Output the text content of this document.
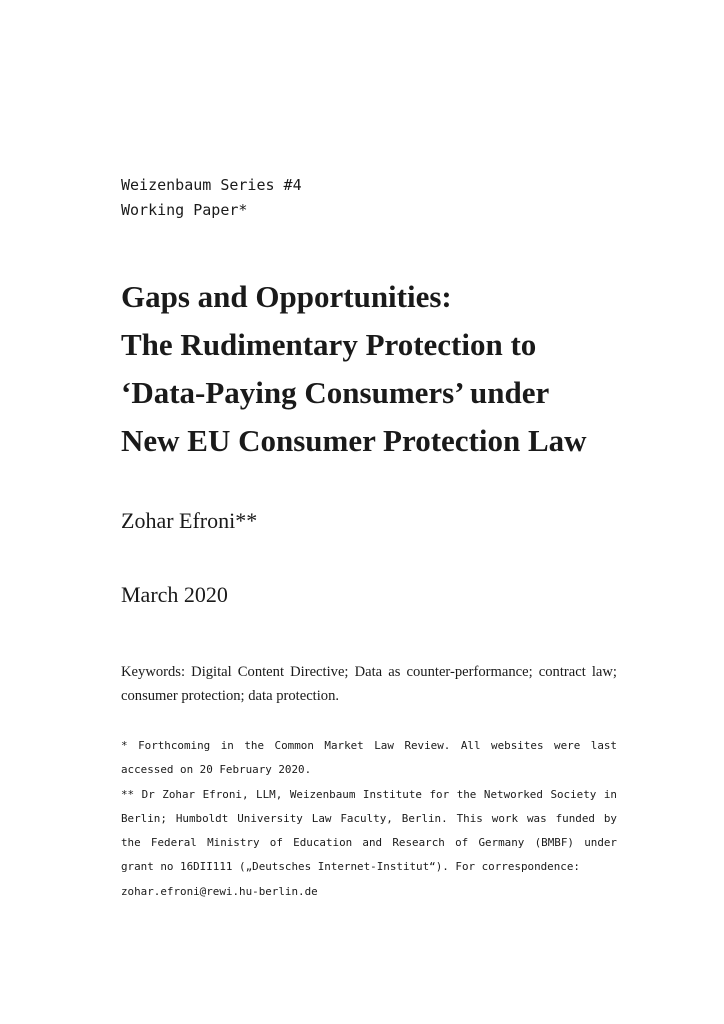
Weizenbaum Series #4
Working Paper*
Gaps and Opportunities:
The Rudimentary Protection to
‘Data-Paying Consumers’ under
New EU Consumer Protection Law
Zohar Efroni**
March 2020
Keywords: Digital Content Directive; Data as counter-performance; contract law; consumer protection; data protection.

* Forthcoming in the Common Market Law Review. All websites were last accessed on 20 February 2020.

** Dr Zohar Efroni, LLM, Weizenbaum Institute for the Networked Society in Berlin; Humboldt University Law Faculty, Berlin. This work was funded by the Federal Ministry of Education and Research of Germany (BMBF) under grant no 16DII111 („Deutsches Internet-Institut“). For correspondence:

zohar.efroni@rewi.hu-berlin.de
